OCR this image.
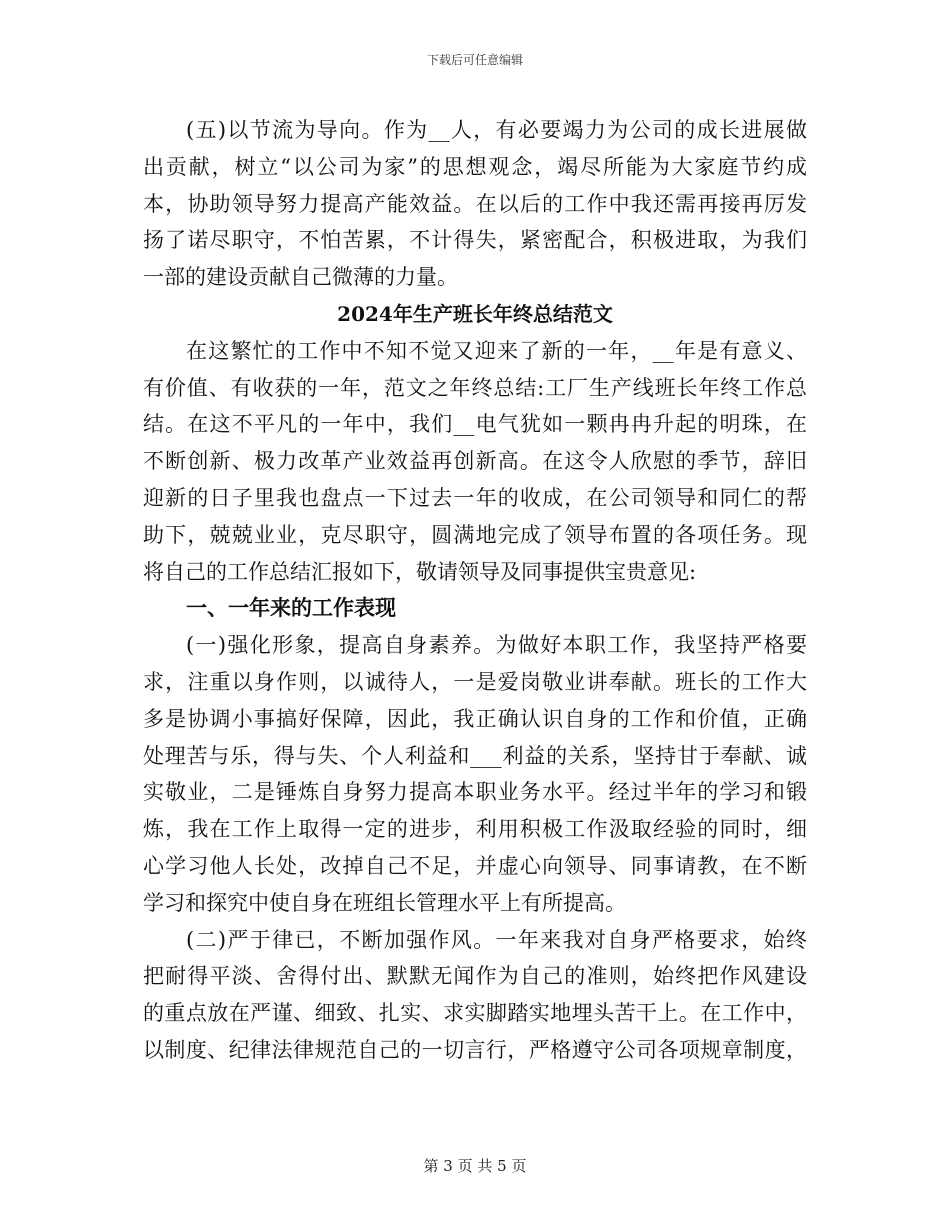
下载后可任意编辑
(五)以节流为导向。作为__人，有必要竭力为公司的成长进展做
出贡献，树立“以公司为家”的思想观念，竭尽所能为大家庭节约成
本，协助领导努力提高产能效益。在以后的工作中我还需再接再厉发
扬了诺尽职守，不怕苦累，不计得失，紧密配合，积极进取，为我们
一部的建设贡献自己微薄的力量。
2024年生产班长年终总结范文
在这繁忙的工作中不知不觉又迎来了新的一年，__年是有意义、
有价值、有收获的一年，范文之年终总结:工厂生产线班长年终工作总
结。在这不平凡的一年中，我们__电气犹如一颗冉冉升起的明珠，在
不断创新、极力改革产业效益再创新高。在这令人欣慰的季节，辞旧
迎新的日子里我也盘点一下过去一年的收成，在公司领导和同仁的帮
助下，兢兢业业，克尽职守，圆满地完成了领导布置的各项任务。现
将自己的工作总结汇报如下，敬请领导及同事提供宝贵意见:
一、一年来的工作表现
(一)强化形象，提高自身素养。为做好本职工作，我坚持严格要
求，注重以身作则，以诚待人，一是爱岗敬业讲奉献。班长的工作大
多是协调小事搞好保障，因此，我正确认识自身的工作和价值，正确
处理苦与乐，得与失、个人利益和___利益的关系，坚持甘于奉献、诚
实敬业，二是锤炼自身努力提高本职业务水平。经过半年的学习和锻
炼，我在工作上取得一定的进步，利用积极工作汲取经验的同时，细
心学习他人长处，改掉自己不足，并虚心向领导、同事请教，在不断
学习和探究中使自身在班组长管理水平上有所提高。
(二)严于律已，不断加强作风。一年来我对自身严格要求，始终
把耐得平淡、舍得付出、默默无闻作为自己的准则，始终把作风建设
的重点放在严谨、细致、扎实、求实脚踏实地埋头苦干上。在工作中，
以制度、纪律法律规范自己的一切言行，严格遵守公司各项规章制度，
第 3 页 共 5 页
